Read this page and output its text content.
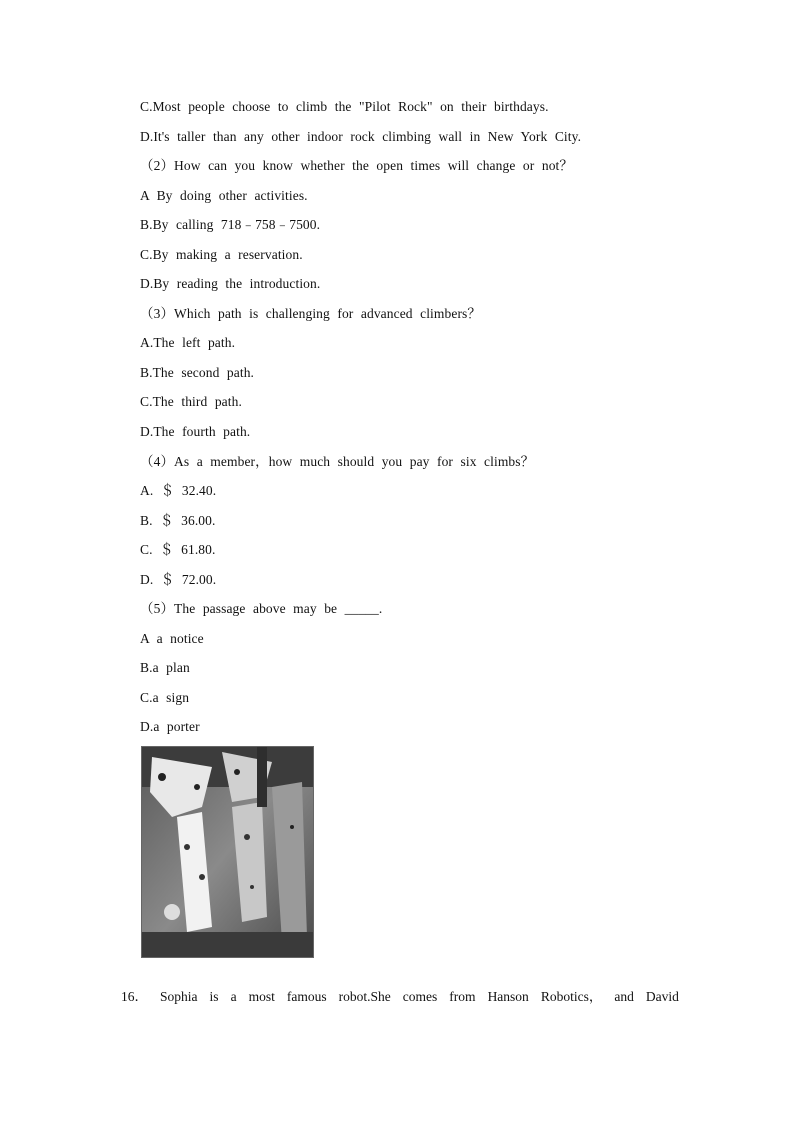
C.Most people choose to climb the "Pilot Rock" on their birthdays.
D.It's taller than any other indoor rock climbing wall in New York City.
（2）How can you know whether the open times will change or not？
A By doing other activities.
B.By calling 718﹣758﹣7500.
C.By making a reservation.
D.By reading the introduction.
（3）Which path is challenging for advanced climbers？
A.The left path.
B.The second path.
C.The third path.
D.The fourth path.
（4）As a member，how much should you pay for six climbs？
A. ＄ 32.40.
B. ＄ 36.00.
C. ＄ 61.80.
D. ＄ 72.00.
（5）The passage above may be _____.
A a notice
B.a plan
C.a sign
D.a porter
16． Sophia is a most famous robot.She comes from Hanson Robotics， and David
